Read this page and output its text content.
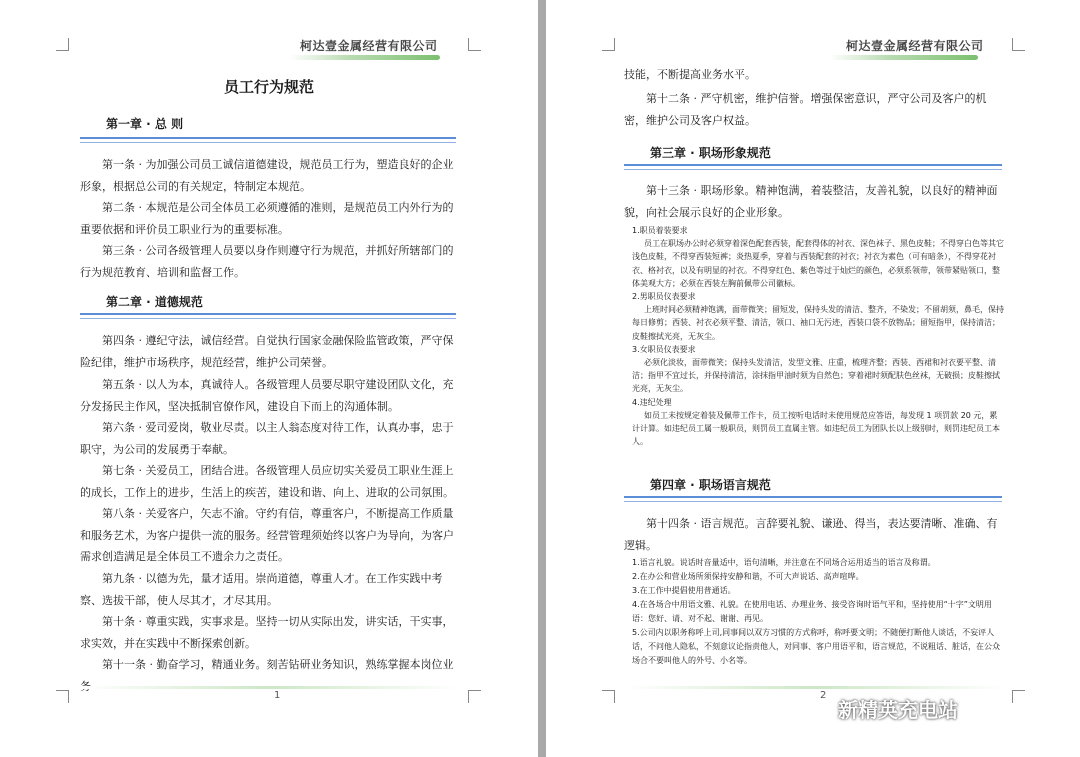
柯达壹金属经营有限公司
员工行为规范
第一章 · 总 则

第一条 · 为加强公司员工诚信道德建设，规范员工行为，塑造良好的企业形象，根据总公司的有关规定，特制定本规范。

第二条 · 本规范是公司全体员工必须遵循的准则，是规范员工内外行为的重要依据和评价员工职业行为的重要标准。

第三条 · 公司各级管理人员要以身作则遵守行为规范，并抓好所辖部门的行为规范教育、培训和监督工作。

第二章 · 道德规范

第四条 · 遵纪守法，诚信经营。自觉执行国家金融保险监管政策，严守保险纪律，维护市场秩序，规范经营，维护公司荣誉。

第五条 · 以人为本，真诚待人。各级管理人员要尽职守建设团队文化，充分发扬民主作风，坚决抵制官僚作风，建设自下而上的沟通体制。

第六条 · 爱司爱岗，敬业尽责。以主人翁态度对待工作，认真办事，忠于职守，为公司的发展勇于奉献。

第七条 · 关爱员工，团结合进。各级管理人员应切实关爱员工职业生涯上的成长，工作上的进步，生活上的疾苦，建设和谐、向上、进取的公司氛围。

第八条 · 关爱客户，矢志不渝。守约有信，尊重客户，不断提高工作质量和服务艺术，为客户提供一流的服务。经营管理须始终以客户为导向，为客户需求创造满足是全体员工不遗余力之责任。

第九条 · 以德为先，量才适用。崇尚道德，尊重人才。在工作实践中考察、选拔干部，使人尽其才，才尽其用。

第十条 · 尊重实践，实事求是。坚持一切从实际出发，讲实话，干实事，求实效，并在实践中不断探索创新。

第十一条 · 勤奋学习，精通业务。刻苦钻研业务知识，熟练掌握本岗位业

1
柯达壹金属经营有限公司

技能，不断提高业务水平。

第十二条 · 严守机密，维护信誉。增强保密意识，严守公司及客户的机密，维护公司及客户权益。

第三章 · 职场形象规范

第十三条 · 职场形象。精神饱满，着装整洁，友善礼貌，以良好的精神面貌，向社会展示良好的企业形象。

1.职员着装要求

员工在职场办公时必须穿着深色配套西装，配套得体的衬衣、深色袜子、黑色皮鞋；不得穿白色等其它浅色皮鞋，不得穿西装短裤；炎热夏季，穿着与西装配套的衬衣；衬衣为素色（可有暗条），不得穿花衬衣、格衬衣，以及有明显的衬衣。不得穿红色、紫色等过于灿烂的颜色，必须系领带，领带紧贴领口，整体美观大方；必须在西装左胸前佩带公司徽标。

2.男职员仪表要求

上班时间必须精神饱满，面带微笑；留短发，保持头发的清洁、整齐，不染发；不留胡须，鼻毛，保持每日修剪；西装、衬衣必须平整、清洁，领口、袖口无污迹，西装口袋不放物品；留短指甲，保持清洁；皮鞋擦拭光亮，无灰尘。

3.女职员仪表要求

必须化淡妆，面带微笑；保持头发清洁，发型文雅、庄重，梳理齐整；西装、西裙和衬衣要平整、清洁；指甲不宜过长，并保持清洁，涂抹指甲油时须为自然色；穿着裙时须配肤色丝袜，无破损；皮鞋擦拭光亮，无灰尘。

4.违纪处理

如员工未按规定着装及佩带工作卡，员工按听电话时未使用规范应答语，每发现 1 项罚款 20 元，累计计算。如违纪员工属一般职员，则罚员工直属主管。如违纪员工为团队长以上级别时，则罚违纪员工本人。

第四章 · 职场语言规范

第十四条 · 语言规范。言辞要礼貌、谦逊、得当，表达要清晰、准确、有逻辑。

1.语言礼貌。说话时音量适中，语句清晰，并注意在不同场合运用适当的语言及称谓。

2.在办公和营业场所须保持安静和谐，不可大声说话、高声喧哗。

3.在工作中提倡使用普通话。

4.在各场合中用语文雅、礼貌。在使用电话、办理业务、接受咨询时语气平和，坚持使用“十字”文明用语：您好、请、对不起、谢谢、再见。

5.公司内以职务称呼上司,同事间以双方习惯的方式称呼，称呼要文明；不随便打断他人谈话，不妄评人话，不问他人隐私，不刻意议论指责他人，对同事、客户用语平和，语言规范，不说粗话、脏话，在公众场合不要叫他人的外号、小名等。

2
新精英充电站
